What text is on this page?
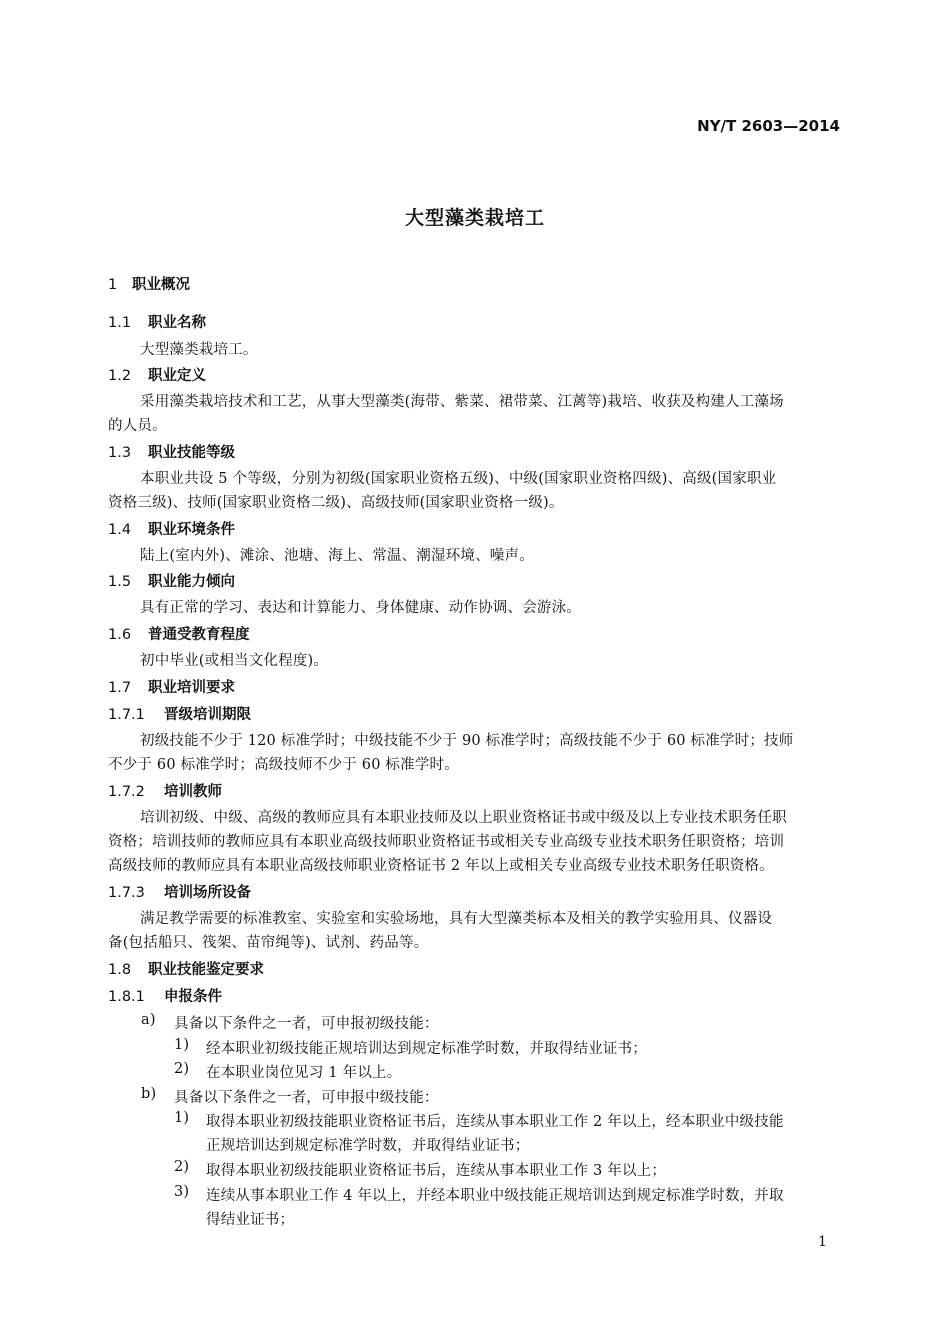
NY/T 2603—2014
大型藻类栽培工
1 职业概况
1.1 职业名称
大型藻类栽培工。
1.2 职业定义
采用藻类栽培技术和工艺，从事大型藻类(海带、紫菜、裙带菜、江蓠等)栽培、收获及构建人工藻场
的人员。
1.3 职业技能等级
本职业共设 5 个等级，分别为初级(国家职业资格五级)、中级(国家职业资格四级)、高级(国家职业
资格三级)、技师(国家职业资格二级)、高级技师(国家职业资格一级)。
1.4 职业环境条件
陆上(室内外)、滩涂、池塘、海上、常温、潮湿环境、噪声。
1.5 职业能力倾向
具有正常的学习、表达和计算能力、身体健康、动作协调、会游泳。
1.6 普通受教育程度
初中毕业(或相当文化程度)。
1.7 职业培训要求
1.7.1 晋级培训期限
初级技能不少于 120 标准学时；中级技能不少于 90 标准学时；高级技能不少于 60 标准学时；技师
不少于 60 标准学时；高级技师不少于 60 标准学时。
1.7.2 培训教师
培训初级、中级、高级的教师应具有本职业技师及以上职业资格证书或中级及以上专业技术职务任职
资格；培训技师的教师应具有本职业高级技师职业资格证书或相关专业高级专业技术职务任职资格；培训
高级技师的教师应具有本职业高级技师职业资格证书 2 年以上或相关专业高级专业技术职务任职资格。
1.7.3 培训场所设备
满足教学需要的标准教室、实验室和实验场地，具有大型藻类标本及相关的教学实验用具、仪器设
备(包括船只、筏架、苗帘绳等)、试剂、药品等。
1.8 职业技能鉴定要求
1.8.1 申报条件
a) 具备以下条件之一者，可申报初级技能：
1) 经本职业初级技能正规培训达到规定标准学时数，并取得结业证书；
2) 在本职业岗位见习 1 年以上。
b) 具备以下条件之一者，可申报中级技能：
1) 取得本职业初级技能职业资格证书后，连续从事本职业工作 2 年以上，经本职业中级技能
正规培训达到规定标准学时数，并取得结业证书；
2) 取得本职业初级技能职业资格证书后，连续从事本职业工作 3 年以上；
3) 连续从事本职业工作 4 年以上，并经本职业中级技能正规培训达到规定标准学时数，并取
得结业证书；
1
